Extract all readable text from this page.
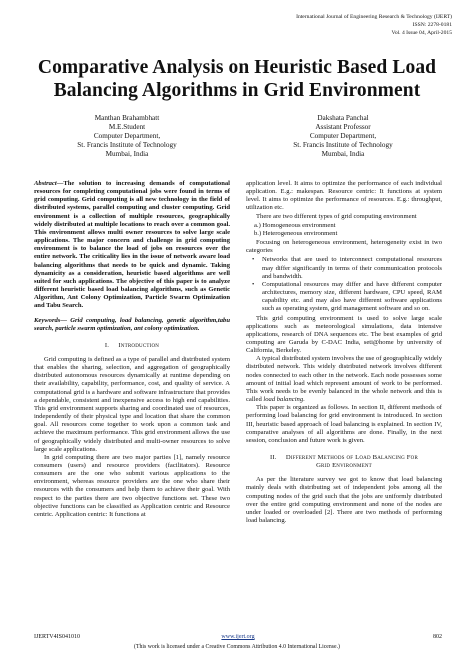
International Journal of Engineering Research & Technology (IJERT)
ISSN: 2278-0181
Vol. 4 Issue 04, April-2015
Comparative Analysis on Heuristic Based Load Balancing Algorithms in Grid Environment
Manthan Brahambhatt
M.E.Student
Computer Department,
St. Francis Institute of Technology
Mumbai, India
Dakshata Panchal
Assistant Professor
Computer Department,
St. Francis Institute of Technology
Mumbai, India

Abstract—The solution to increasing demands of computational resources for completing computational jobs were found in terms of grid computing. Grid computing is all new technology in the field of distributed systems, parallel computing and cluster computing. Grid environment is a collection of multiple resources, geographically widely distributed at multiple locations to reach over a common goal. This environment allows multi owner resources to solve large scale applications. The major concern and challenge in grid computing environment is to balance the load of jobs on resources over the entire network. The criticality lies in the issue of network aware load balancing algorithms that needs to be quick and dynamic. Taking dynamicity as a consideration, heuristic based algorithms are well suited for such applications. The objective of this paper is to analyze different heuristic based load balancing algorithms, such as Genetic Algorithm, Ant Colony Optimization, Particle Swarm Optimization and Tabu Search.

Keywords— Grid computing, load balancing, genetic algorithm,tabu search, particle swarm optimization, ant colony optimization.

I. Introduction

Grid computing is defined as a type of parallel and distributed system that enables the sharing, selection, and aggregation of geographically distributed autonomous resources dynamically at runtime depending on their availability, capability, performance, cost, and quality of service. A computational grid is a hardware and software infrastructure that provides a dependable, consistent and inexpensive access to high end capabilities. This grid environment supports sharing and coordinated use of resources, independently of their physical type and location that share the common goal. All resources come together to work upon a common task and achieve the maximum performance. This grid environment allows the use of geographically widely distributed and multi-owner resources to solve large scale applications.

In grid computing there are two major parties [1], namely resource consumers (users) and resource providers (facilitators). Resource consumers are the one who submit various applications to the environment, whereas resource providers are the one who share their resources with the consumers and help them to achieve their goal. With respect to the parties there are two objective functions set. These two objective functions can be classified as Application centric and Resource centric. Application centric: It functions at

application level. It aims to optimize the performance of each individual application. E.g.: makespan. Resource centric: It functions at system level. It aims to optimize the performance of resources. E.g.: throughput, utilization etc.

There are two different types of grid computing environment

a.) Homogeneous environment
b.) Heterogeneous environment

Focusing on heterogeneous environment, heterogeneity exist in two categories

• Networks that are used to interconnect computational resources may differ significantly in terms of their communication protocols and bandwidth.
• Computational resources may differ and have different computer architectures, memory size, different hardware, CPU speed, RAM capability etc. and may also have different software applications such as operating system, grid management software and so on.

This grid computing environment is used to solve large scale applications such as meteorological simulations, data intensive applications, research of DNA sequences etc. The best examples of grid computing are Garuda by C-DAC India, seti@home by university of California, Berkeley.

A typical distributed system involves the use of geographically widely distributed network. This widely distributed network involves different nodes connected to each other in the network. Each node possesses some amount of initial load which represent amount of work to be performed. This work needs to be evenly balanced in the whole network and this is called load balancing.

This paper is organized as follows. In section II, different methods of performing load balancing for grid environment is introduced. In section III, heuristic based approach of load balancing is explained. In section IV, comparative analyses of all algorithms are done. Finally, in the next session, conclusion and future work is given.

II. Different Methods of Load Balancing For
Grid Environment

As per the literature survey we got to know that load balancing mainly deals with distributing set of independent jobs among all the computing nodes of the grid such that the jobs are uniformly distributed over the entire grid computing environment and none of the nodes are under loaded or overloaded [2]. There are two methods of performing load balancing.

IJERTV4IS041010	www.ijert.org	802
(This work is licensed under a Creative Commons Attribution 4.0 International License.)
